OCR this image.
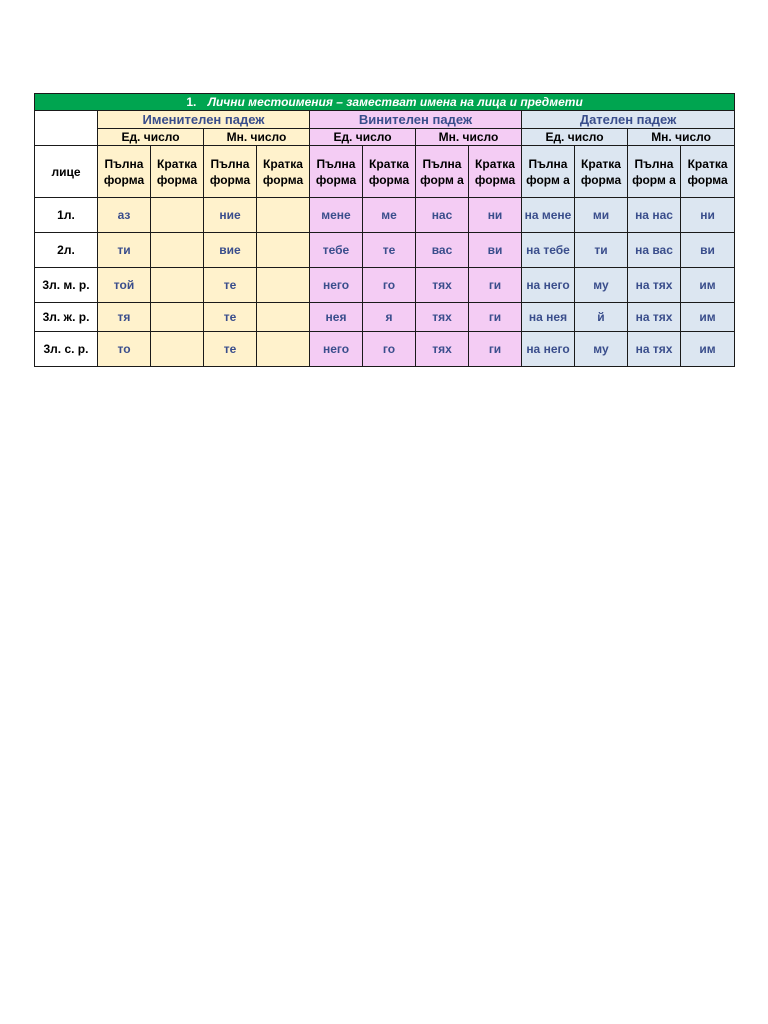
1. Лични местоимения – заместват имена на лица и предмети												
	Именителен падеж				Винителен падеж				Дателен падеж			
	Ед. число		Мн. число		Ед. число		Мн. число		Ед. число		Мн. число	
лице	Пълна форма	Кратка форма	Пълна форма	Кратка форма	Пълна форма	Кратка форма	Пълна форм а	Кратка форма	Пълна форм а	Кратка форма	Пълна форм а	Кратка форма
1л.	аз		ние		мене	ме	нас	ни	на мене	ми	на нас	ни
2л.	ти		вие		тебе	те	вас	ви	на тебе	ти	на вас	ви
3л. м. р.	той		те		него	го	тях	ги	на него	му	на тях	им
3л. ж. р.	тя		те		нея	я	тях	ги	на нея	й	на тях	им
3л. с. р.	то		те		него	го	тях	ги	на него	му	на тях	им
